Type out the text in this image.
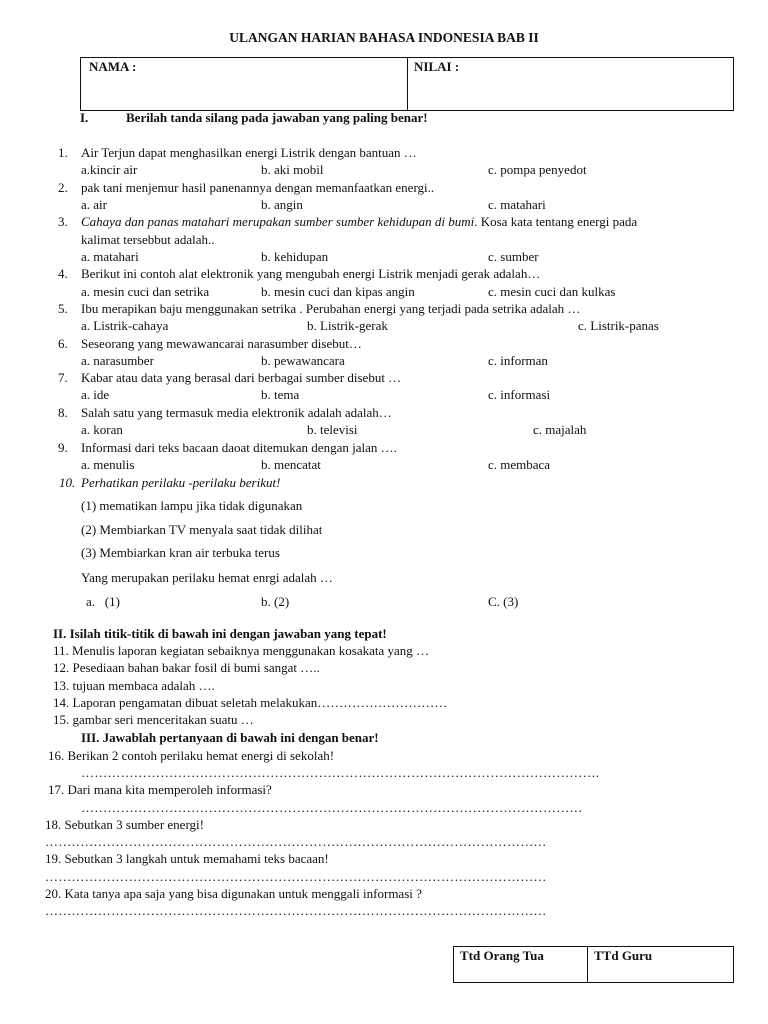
ULANGAN HARIAN BAHASA INDONESIA BAB II
NAMA :	NILAI :
I.	Berilah tanda silang pada jawaban yang paling benar!
1. Air Terjun dapat menghasilkan energi Listrik dengan bantuan …
a.kincir air	b. aki mobil	c. pompa penyedot
2. pak tani menjemur hasil panenannya dengan memanfaatkan energi..
a. air	b. angin	c. matahari
3. Cahaya dan panas matahari merupakan sumber sumber kehidupan di bumi. Kosa kata tentang energi pada
kalimat tersebbut adalah..
a. matahari	b. kehidupan	c. sumber
4. Berikut ini contoh alat elektronik yang mengubah energi Listrik menjadi gerak adalah…
a. mesin cuci dan setrika	b. mesin cuci dan kipas angin	c. mesin cuci dan kulkas
5. Ibu merapikan baju menggunakan setrika . Perubahan energi yang terjadi pada setrika adalah …
a. Listrik-cahaya	b. Listrik-gerak	c. Listrik-panas
6. Seseorang yang mewawancarai narasumber disebut…
a. narasumber	b. pewawancara	c. informan
7. Kabar atau data yang berasal dari berbagai sumber disebut …
a. ide	b. tema	c. informasi
8. Salah satu yang termasuk media elektronik adalah adalah…
a. koran	b. televisi	c. majalah
9. Informasi dari teks bacaan daoat ditemukan dengan jalan ….
a. menulis	b. mencatat	c. membaca
10. Perhatikan perilaku -perilaku berikut!
(1) mematikan lampu jika tidak digunakan
(2) Membiarkan TV menyala saat tidak dilihat
(3) Membiarkan kran air terbuka terus
Yang merupakan perilaku hemat enrgi adalah …
a.   (1)	b. (2)	C. (3)
II. Isilah titik-titik di bawah ini dengan jawaban yang tepat!
11. Menulis laporan kegiatan sebaiknya menggunakan kosakata yang …
12. Pesediaan bahan bakar fosil di bumi sangat …..
13. tujuan membaca adalah ….
14. Laporan pengamatan dibuat seletah melakukan…………………………
15. gambar seri menceritakan suatu …
III. Jawablah pertanyaan di bawah ini dengan benar!
16. Berikan 2 contoh perilaku hemat energi di sekolah!
……………………………………………………………………………………………………….
17. Dari mana kita memperoleh informasi?
……………………………………………………………………………………………………
18. Sebutkan 3 sumber energi!
……………………………………………………………………………………………………
19. Sebutkan 3 langkah untuk memahami teks bacaan!
……………………………………………………………………………………………………
20. Kata tanya apa saja yang bisa digunakan untuk menggali informasi ?
……………………………………………………………………………………………………
Ttd Orang Tua	TTd Guru
